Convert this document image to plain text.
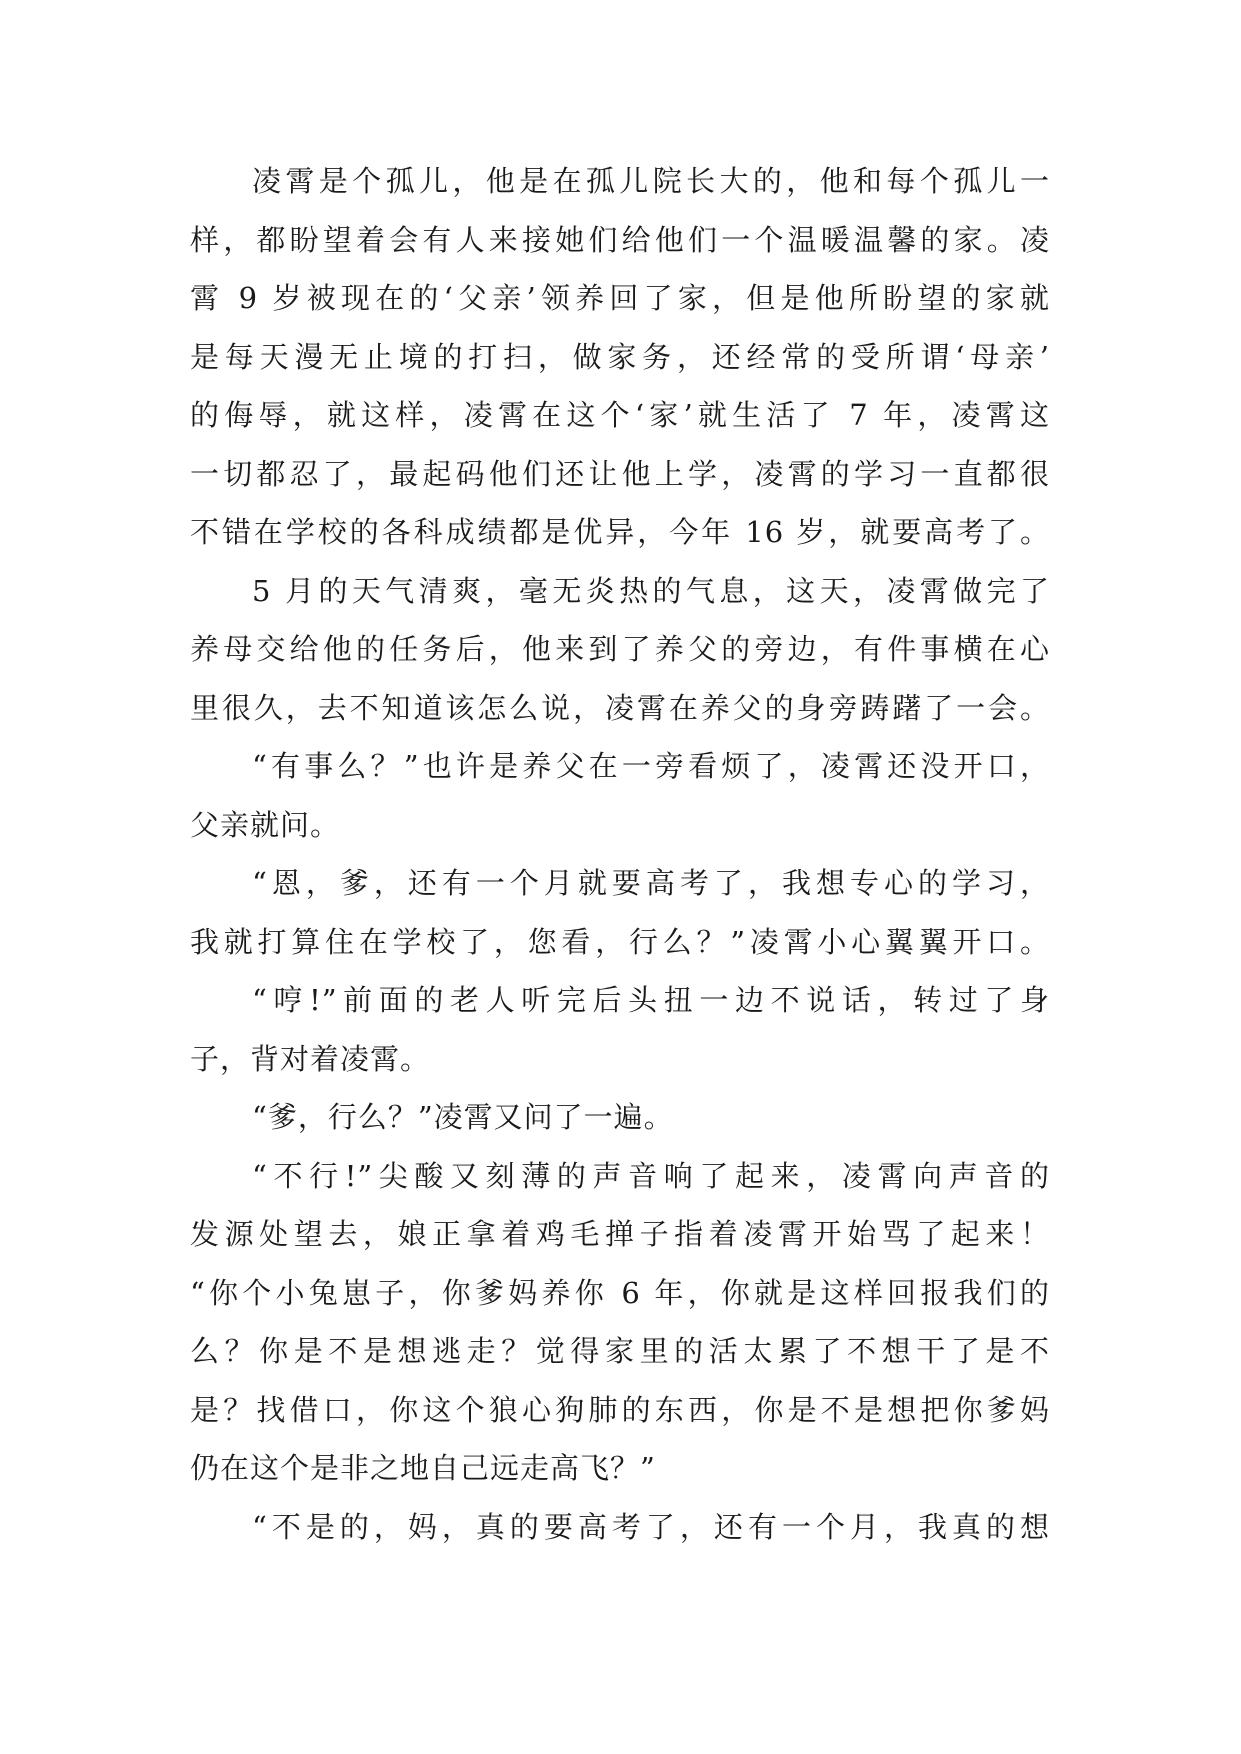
凌霄是个孤儿，他是在孤儿院长大的，他和每个孤儿一
样，都盼望着会有人来接她们给他们一个温暖温馨的家。凌
霄 9 岁被现在的‘父亲’领养回了家，但是他所盼望的家就
是每天漫无止境的打扫，做家务，还经常的受所谓‘母亲’
的侮辱，就这样，凌霄在这个‘家’就生活了 7 年，凌霄这
一切都忍了，最起码他们还让他上学，凌霄的学习一直都很
不错在学校的各科成绩都是优异，今年 16 岁，就要高考了。
5 月的天气清爽，毫无炎热的气息，这天，凌霄做完了
养母交给他的任务后，他来到了养父的旁边，有件事横在心
里很久，去不知道该怎么说，凌霄在养父的身旁踌躇了一会。
“有事么？”也许是养父在一旁看烦了，凌霄还没开口，
父亲就问。
“恩，爹，还有一个月就要高考了，我想专心的学习，
我就打算住在学校了，您看，行么？”凌霄小心翼翼开口。
“哼!”前面的老人听完后头扭一边不说话，转过了身
子，背对着凌霄。
“爹，行么？”凌霄又问了一遍。
“不行!”尖酸又刻薄的声音响了起来，凌霄向声音的
发源处望去，娘正拿着鸡毛掸子指着凌霄开始骂了起来！
“你个小兔崽子，你爹妈养你 6 年，你就是这样回报我们的
么？你是不是想逃走？觉得家里的活太累了不想干了是不
是？找借口，你这个狼心狗肺的东西，你是不是想把你爹妈
仍在这个是非之地自己远走高飞？”
“不是的，妈，真的要高考了，还有一个月，我真的想
